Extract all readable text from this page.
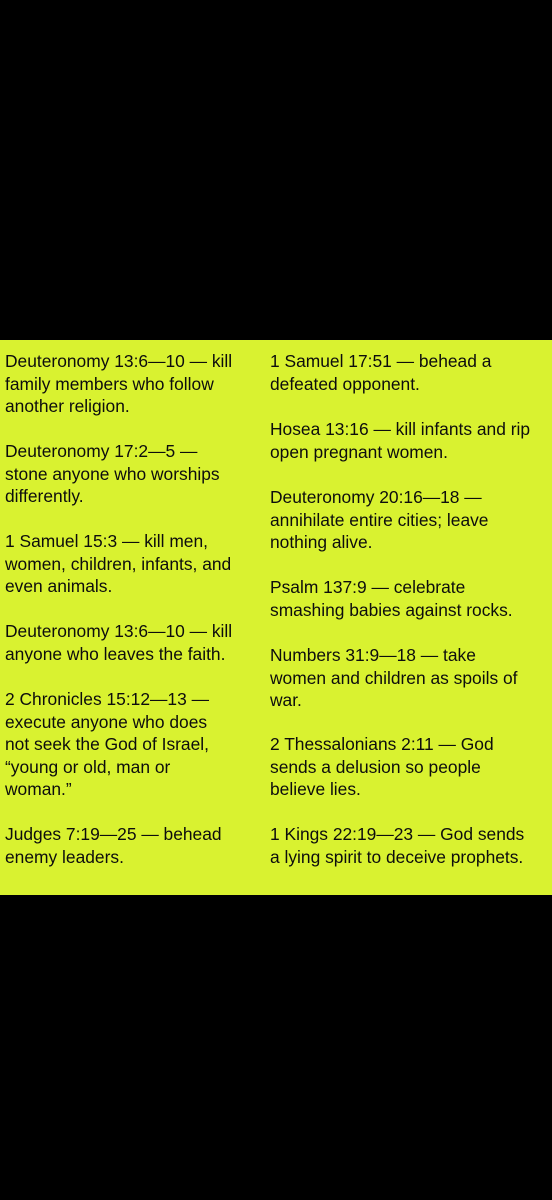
Deuteronomy 13:6—10 — kill
family members who follow
another religion.

Deuteronomy 17:2—5 —
stone anyone who worships
differently.

1 Samuel 15:3 — kill men,
women, children, infants, and
even animals.

Deuteronomy 13:6—10 — kill
anyone who leaves the faith.

2 Chronicles 15:12—13 —
execute anyone who does
not seek the God of Israel,
“young or old, man or
woman.”

Judges 7:19—25 — behead
enemy leaders.

1 Samuel 17:51 — behead a
defeated opponent.

Hosea 13:16 — kill infants and rip
open pregnant women.

Deuteronomy 20:16—18 —
annihilate entire cities; leave
nothing alive.

Psalm 137:9 — celebrate
smashing babies against rocks.

Numbers 31:9—18 — take
women and children as spoils of
war.

2 Thessalonians 2:11 — God
sends a delusion so people
believe lies.

1 Kings 22:19—23 — God sends
a lying spirit to deceive prophets.
